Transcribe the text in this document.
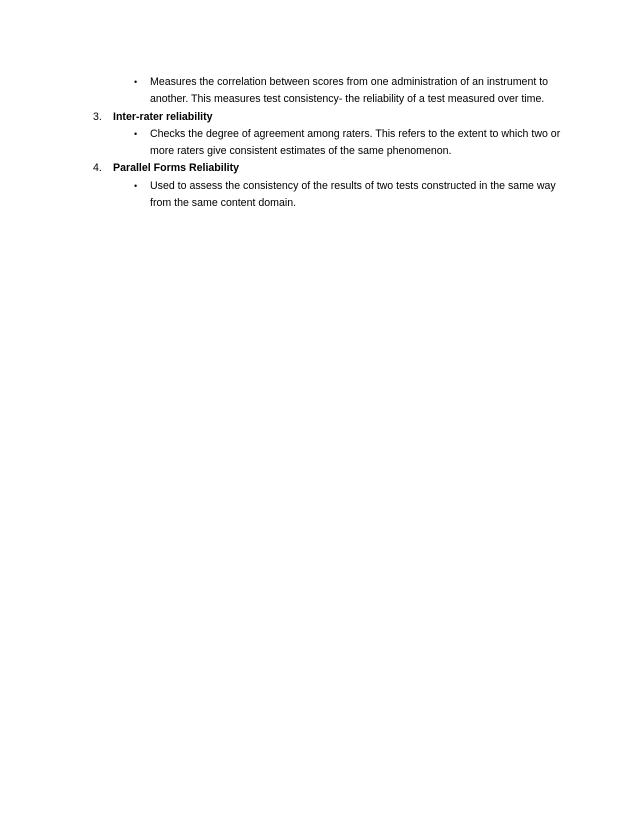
• Measures the correlation between scores from one administration of an instrument to another. This measures test consistency- the reliability of a test measured over time.
3. Inter-rater reliability
• Checks the degree of agreement among raters. This refers to the extent to which two or more raters give consistent estimates of the same phenomenon.
4. Parallel Forms Reliability
• Used to assess the consistency of the results of two tests constructed in the same way from the same content domain.
